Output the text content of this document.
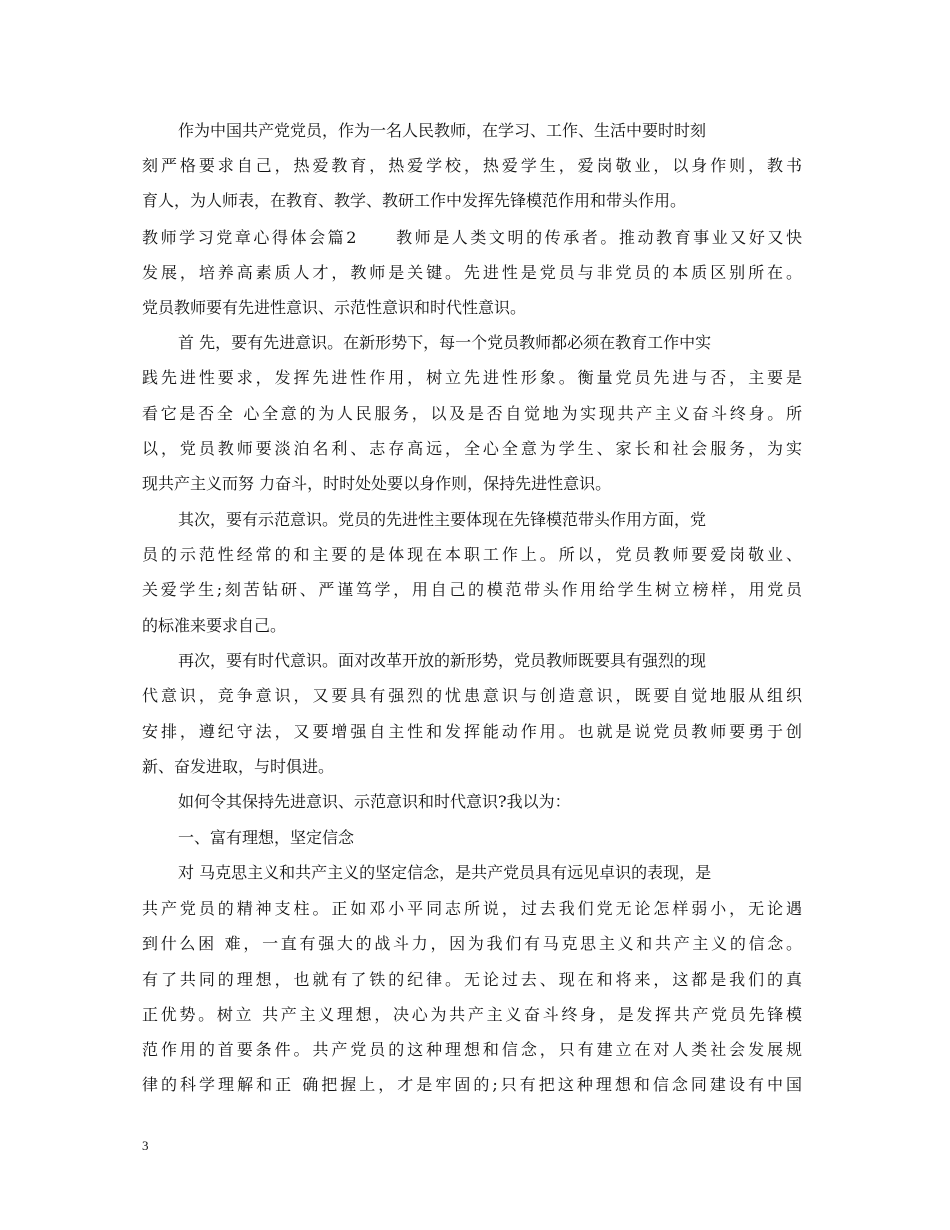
作为中国共产党党员，作为一名人民教师，在学习、工作、生活中要时时刻
刻严格要求自己，热爱教育，热爱学校，热爱学生，爱岗敬业，以身作则，教书
育人，为人师表，在教育、教学、教研工作中发挥先锋模范作用和带头作用。
教师学习党章心得体会篇2　　教师是人类文明的传承者。推动教育事业又好又快
发展，培养高素质人才，教师是关键。先进性是党员与非党员的本质区别所在。
党员教师要有先进性意识、示范性意识和时代性意识。
首 先，要有先进意识。在新形势下，每一个党员教师都必须在教育工作中实
践先进性要求，发挥先进性作用，树立先进性形象。衡量党员先进与否，主要是
看它是否全 心全意的为人民服务，以及是否自觉地为实现共产主义奋斗终身。所
以，党员教师要淡泊名利、志存高远，全心全意为学生、家长和社会服务，为实
现共产主义而努 力奋斗，时时处处要以身作则，保持先进性意识。
其次，要有示范意识。党员的先进性主要体现在先锋模范带头作用方面，党
员的示范性经常的和主要的是体现在本职工作上。所以，党员教师要爱岗敬业、
关爱学生;刻苦钻研、严谨笃学，用自己的模范带头作用给学生树立榜样，用党员
的标准来要求自己。
再次，要有时代意识。面对改革开放的新形势，党员教师既要具有强烈的现
代意识，竞争意识，又要具有强烈的忧患意识与创造意识，既要自觉地服从组织
安排，遵纪守法，又要增强自主性和发挥能动作用。也就是说党员教师要勇于创
新、奋发进取，与时俱进。
如何令其保持先进意识、示范意识和时代意识?我以为：
一、富有理想，坚定信念
对 马克思主义和共产主义的坚定信念，是共产党员具有远见卓识的表现，是
共产党员的精神支柱。正如邓小平同志所说，过去我们党无论怎样弱小，无论遇
到什么困 难，一直有强大的战斗力，因为我们有马克思主义和共产主义的信念。
有了共同的理想，也就有了铁的纪律。无论过去、现在和将来，这都是我们的真
正优势。树立 共产主义理想，决心为共产主义奋斗终身，是发挥共产党员先锋模
范作用的首要条件。共产党员的这种理想和信念，只有建立在对人类社会发展规
律的科学理解和正 确把握上，才是牢固的;只有把这种理想和信念同建设有中国
3
